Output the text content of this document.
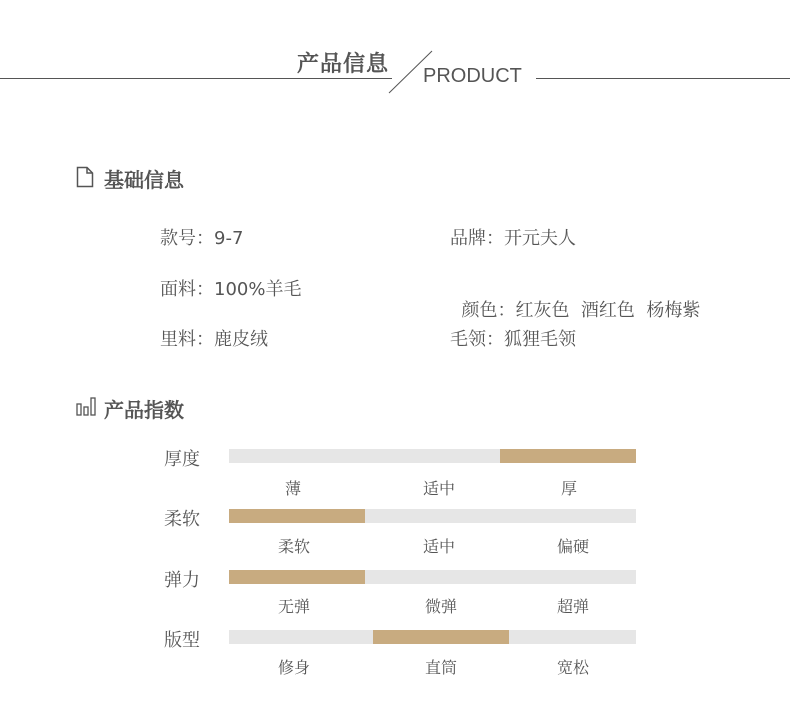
产品信息 PRODUCT
基础信息
款号：9-7	品牌：开元夫人
面料：100%羊毛

颜色：红灰色  酒红色  杨梅紫

里料：鹿皮绒	毛领：狐狸毛领
产品指数
厚度
薄	适中	厚
柔软
柔软	适中	偏硬
弹力
无弹	微弹	超弹
版型
修身	直筒	宽松
